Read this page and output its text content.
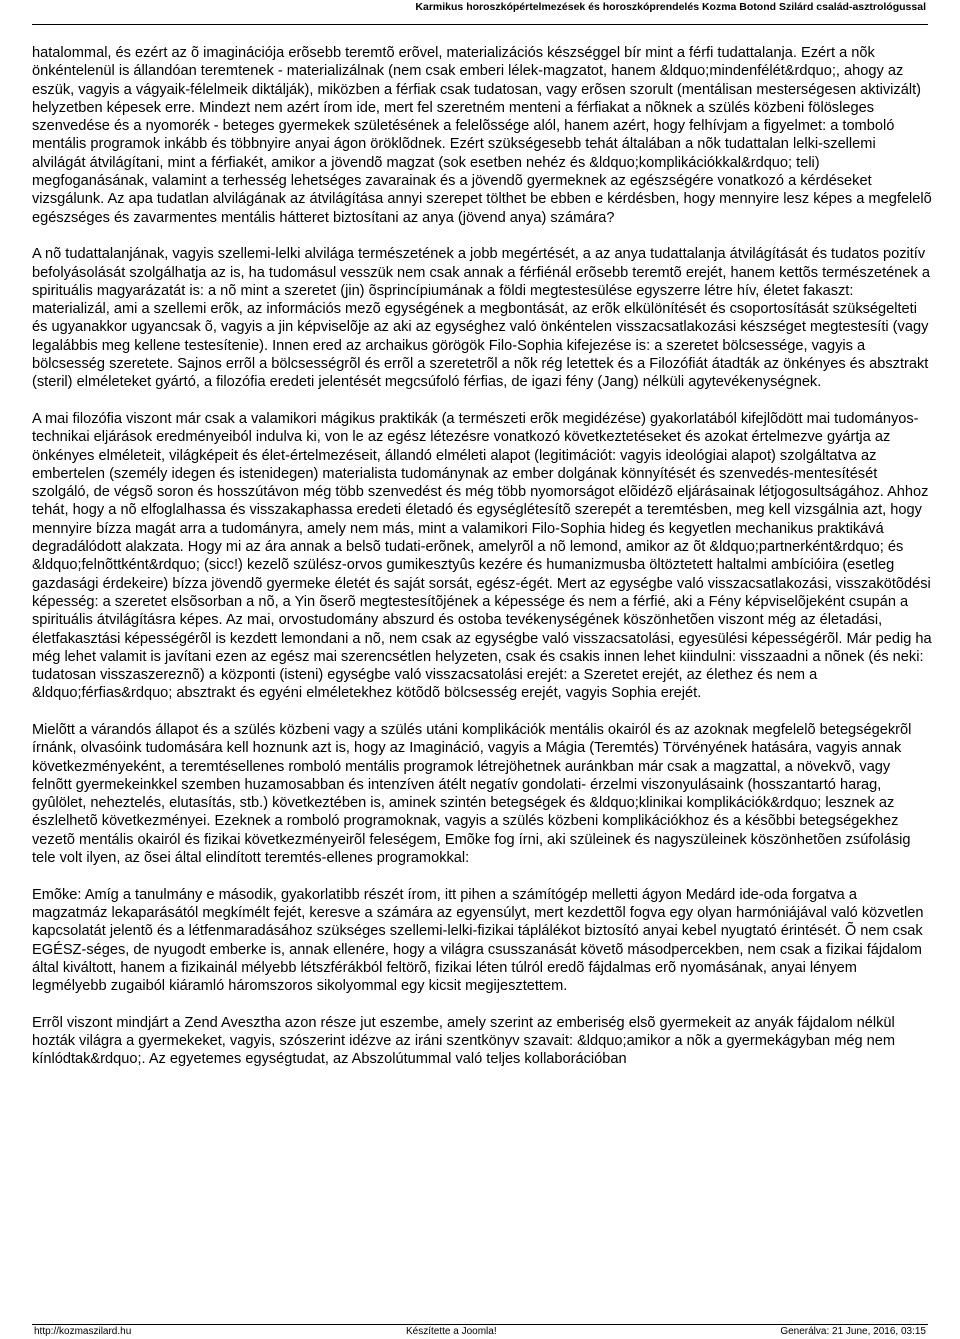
Karmikus horoszkópértelmezések és horoszkóprendelés Kozma Botond Szilárd család-asztrológussal

hatalommal, és ezért az õ imaginációja erõsebb teremtõ erõvel, materializációs készséggel bír mint a férfi tudattalanja. Ezért a nõk önkéntelenül is állandóan teremtenek - materializálnak (nem csak emberi lélek-magzatot, hanem &ldquo;mindenfélét&rdquo;, ahogy az eszük, vagyis a vágyaik-félelmeik diktálják), miközben a férfiak csak tudatosan, vagy erõsen szorult (mentálisan mesterségesen aktivizált) helyzetben képesek erre. Mindezt nem azért írom ide, mert fel szeretném menteni a férfiakat a nõknek a szülés közbeni fölösleges szenvedése és a nyomorék - beteges gyermekek születésének a felelõssége alól, hanem azért, hogy felhívjam a figyelmet: a tomboló mentális programok inkább és többnyire anyai ágon öröklõdnek. Ezért szükségesebb tehát általában a nõk tudattalan lelki-szellemi alvilágát átvilágítani, mint a férfiakét, amikor a jövendõ magzat (sok esetben nehéz és &ldquo;komplikációkkal&rdquo; teli) megfoganásának, valamint a terhesség lehetséges zavarainak és a jövendõ gyermeknek az egészségére vonatkozó a kérdéseket vizsgálunk. Az apa tudatlan alvilágának az átvilágítása annyi szerepet tölthet be ebben e kérdésben, hogy mennyire lesz képes a megfelelõ egészséges és zavarmentes mentális hátteret biztosítani az anya (jövend anya) számára?

A nõ tudattalanjának, vagyis szellemi-lelki alvilága természetének a jobb megértését, a az anya tudattalanja átvilágítását és tudatos pozitív befolyásolását szolgálhatja az is, ha tudomásul vesszük nem csak annak a férfiénál erõsebb teremtõ erejét, hanem kettõs természetének a spirituális magyarázatát is: a nõ mint a szeretet (jin) õsprincípiumának a földi megtestesülése egyszerre létre hív, életet fakaszt: materializál, ami a szellemi erõk, az információs mezõ egységének a megbontását, az erõk elkülönítését és csoportosítását szükségelteti és ugyanakkor ugyancsak õ, vagyis a jin képviselõje az aki az egységhez való önkéntelen visszacsatlakozási készséget megtestesíti (vagy legalábbis meg kellene testesítenie). Innen ered az archaikus görögök Filo-Sophia kifejezése is: a szeretet bölcsessége, vagyis a bölcsesség szeretete. Sajnos errõl a bölcsességrõl és errõl a szeretetrõl a nõk rég letettek és a Filozófiát átadták az önkényes és absztrakt (steril) elméleteket gyártó, a filozófia eredeti jelentését megcsúfoló férfias, de igazi fény (Jang) nélküli agytevékenységnek.

A mai filozófia viszont már csak a valamikori mágikus praktikák (a természeti erõk megidézése) gyakorlatából kifejlõdött mai tudományos-technikai eljárások eredményeiból indulva ki, von le az egész létezésre vonatkozó következtetéseket és azokat értelmezve gyártja az önkényes elméleteit, világképeit és élet-értelmezéseit, állandó elméleti alapot (legitimációt: vagyis ideológiai alapot) szolgáltatva az embertelen (személy idegen és istenidegen) materialista tudománynak az ember dolgának könnyítését és szenvedés-mentesítését szolgáló, de végsõ soron és hosszútávon még több szenvedést és még több nyomorságot elõidézõ eljárásainak létjogosultságához. Ahhoz tehát, hogy a nõ elfoglalhassa és visszakaphassa eredeti életadó és egységlétesítõ szerepét a teremtésben, meg kell vizsgálnia azt, hogy mennyire bízza magát arra a tudományra, amely nem más, mint a valamikori Filo-Sophia hideg és kegyetlen mechanikus praktikává degradálódott alakzata. Hogy mi az ára annak a belsõ tudati-erõnek, amelyrõl a nõ lemond, amikor az õt &ldquo;partnerként&rdquo; és &ldquo;felnõttként&rdquo; (sicc!) kezelõ szülész-orvos gumikesztyûs kezére és humanizmusba öltöztetett haltalmi ambícióira (esetleg gazdasági érdekeire) bízza jövendõ gyermeke életét és saját sorsát, egész-égét. Mert az egységbe való visszacsatlakozási, visszakötõdési képesség: a szeretet elsõsorban a nõ, a Yin õserõ megtestesítõjének a képessége és nem a férfié, aki a Fény képviselõjeként csupán a spirituális átvilágításra képes. Az mai, orvostudomány abszurd és ostoba tevékenységének köszönhetõen viszont még az életadási, életfakasztási képességérõl is kezdett lemondani a nõ, nem csak az egységbe való visszacsatolási, egyesülési képességérõl. Már pedig ha még lehet valamit is javítani ezen az egész mai szerencsétlen helyzeten, csak és csakis innen lehet kiindulni: visszaadni a nõnek (és neki: tudatosan visszaszereznõ) a központi (isteni) egységbe való visszacsatolási erejét: a Szeretet erejét, az élethez és nem a &ldquo;férfias&rdquo; absztrakt és egyéni elméletekhez kötõdõ bölcsesség erejét, vagyis Sophia erejét.

Mielõtt a várandós állapot és a szülés közbeni vagy a szülés utáni komplikációk mentális okairól és az azoknak megfelelõ betegségekrõl írnánk, olvasóink tudomására kell hoznunk azt is, hogy az Imagináció, vagyis a Mágia (Teremtés) Törvényének hatására, vagyis annak következményeként, a teremtésellenes romboló mentális programok létrejöhetnek auránkban már csak a magzattal, a növekvõ, vagy felnõtt gyermekeinkkel szemben huzamosabban és intenzíven átélt negatív gondolati- érzelmi viszonyulásaink (hosszantartó harag, gyûlölet, neheztelés, elutasítás, stb.) következtében is, aminek szintén betegségek és &ldquo;klinikai komplikációk&rdquo; lesznek az észlelhetõ következményei. Ezeknek a romboló programoknak, vagyis a szülés közbeni komplikációkhoz és a késõbbi betegségekhez vezetõ mentális okairól és fizikai következményeirõl feleségem, Emõke fog írni, aki szüleinek és nagyszüleinek köszönhetõen zsúfolásig tele volt ilyen, az õsei által elindított teremtés-ellenes programokkal:

Emõke: Amíg a tanulmány e második, gyakorlatibb részét írom, itt pihen a számítógép melletti ágyon Medárd ide-oda forgatva a magzatmáz lekaparásától megkímélt fejét, keresve a számára az egyensúlyt, mert kezdettõl fogva egy olyan harmóniájával való közvetlen kapcsolatát jelentõ és a létfenmaradásához szükséges szellemi-lelki-fizikai táplálékot biztosító anyai kebel nyugtató érintését. Õ nem csak EGÉSZ-séges, de nyugodt emberke is, annak ellenére, hogy a világra csusszanását követõ másodpercekben, nem csak a fizikai fájdalom által kiváltott, hanem a fizikainál mélyebb létszférákból feltörõ, fizikai léten túlról eredõ fájdalmas erõ nyomásának, anyai lényem legmélyebb zugaiból kiáramló háromszoros sikolyommal egy kicsit megijesztettem.

Errõl viszont mindjárt a Zend Avesztha azon része jut eszembe, amely szerint az emberiség elsõ gyermekeit az anyák fájdalom nélkül hozták világra a gyermekeket, vagyis, szószerint idézve az iráni szentkönyv szavait: &ldquo;amikor a nõk a gyermekágyban még nem kínlódtak&rdquo;. Az egyetemes egységtudat, az Abszolútummal való teljes kollaborációban

http://kozmaszilard.hu	Készítette a Joomla!	Generálva: 21 June, 2016, 03:15
